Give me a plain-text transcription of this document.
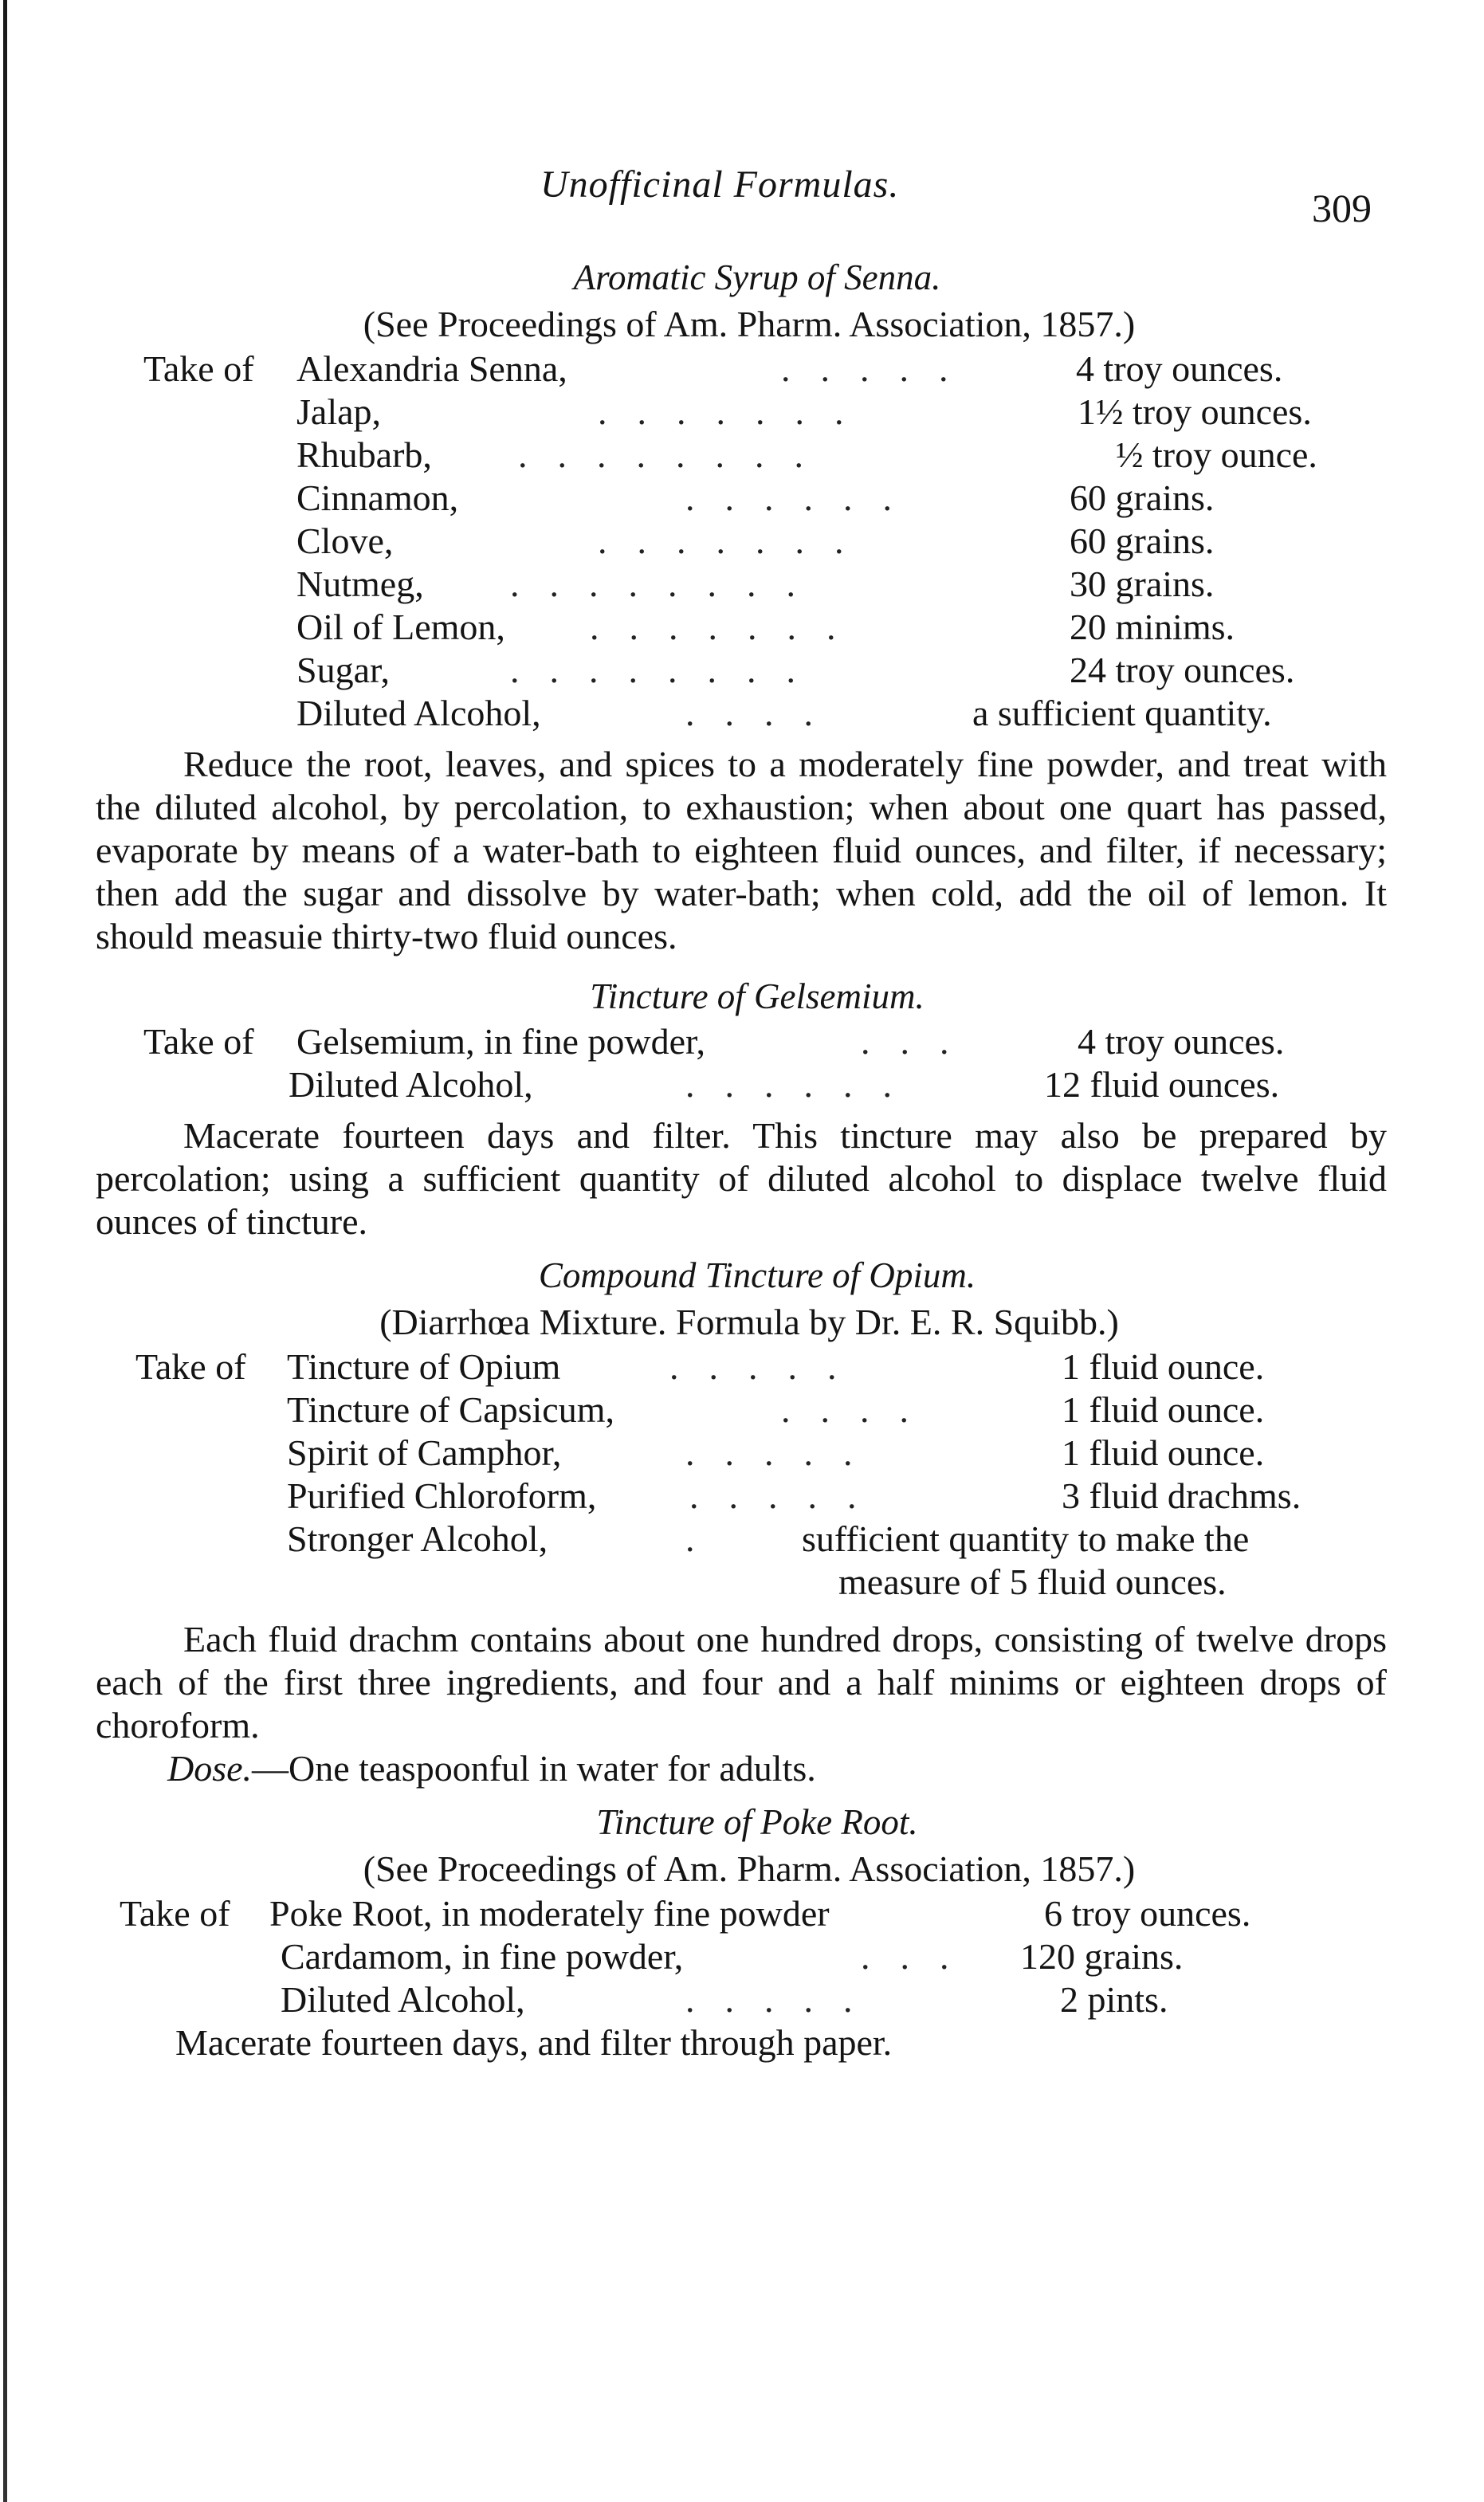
Unofficinal Formulas.
309
Aromatic Syrup of Senna.
(See Proceedings of Am. Pharm. Association, 1857.)
Take of Alexandria Senna,	.....	4 troy ounces.
Jalap,	.......	1½ troy ounces.
Rhubarb, ........	½ troy ounce.
Cinnamon,	......	60 grains.
Clove,	.......	60 grains.
Nutmeg, ........	30 grains.
Oil of Lemon, .......	20 minims.
Sugar,	........	24 troy ounces.
Diluted Alcohol,	....	a sufficient quantity.

Reduce the root, leaves, and spices to a moderately fine powder, and treat with the diluted alcohol, by percolation, to exhaustion; when about one quart has passed, evaporate by means of a water-bath to eighteen fluid ounces, and filter, if necessary; then add the sugar and dissolve by water-bath; when cold, add the oil of lemon. It should measuie thirty-two fluid ounces.

Tincture of Gelsemium.
Take of Gelsemium, in fine powder,	...	4 troy ounces.
Diluted Alcohol,	......	12 fluid ounces.

Macerate fourteen days and filter. This tincture may also be prepared by percolation; using a sufficient quantity of diluted alcohol to displace twelve fluid ounces of tincture.

Compound Tincture of Opium.
(Diarrhœa Mixture. Formula by Dr. E. R. Squibb.)
Take of Tincture of Opium	.....	1 fluid ounce.
Tincture of Capsicum,	....	1 fluid ounce.
Spirit of Camphor,	.....	1 fluid ounce.
Purified Chloroform,	.....	3 fluid drachms.
Stronger Alcohol,	. sufficient quantity to make the
measure of 5 fluid ounces.

Each fluid drachm contains about one hundred drops, consisting of twelve drops each of the first three ingredients, and four and a half minims or eighteen drops of choroform.

Dose.—One teaspoonful in water for adults.

Tincture of Poke Root.
(See Proceedings of Am. Pharm. Association, 1857.)
Take of Poke Root, in moderately fine powder	6 troy ounces.
Cardamom, in fine powder,	... 120 grains.
Diluted Alcohol,	.....	2 pints.

Macerate fourteen days, and filter through paper.
